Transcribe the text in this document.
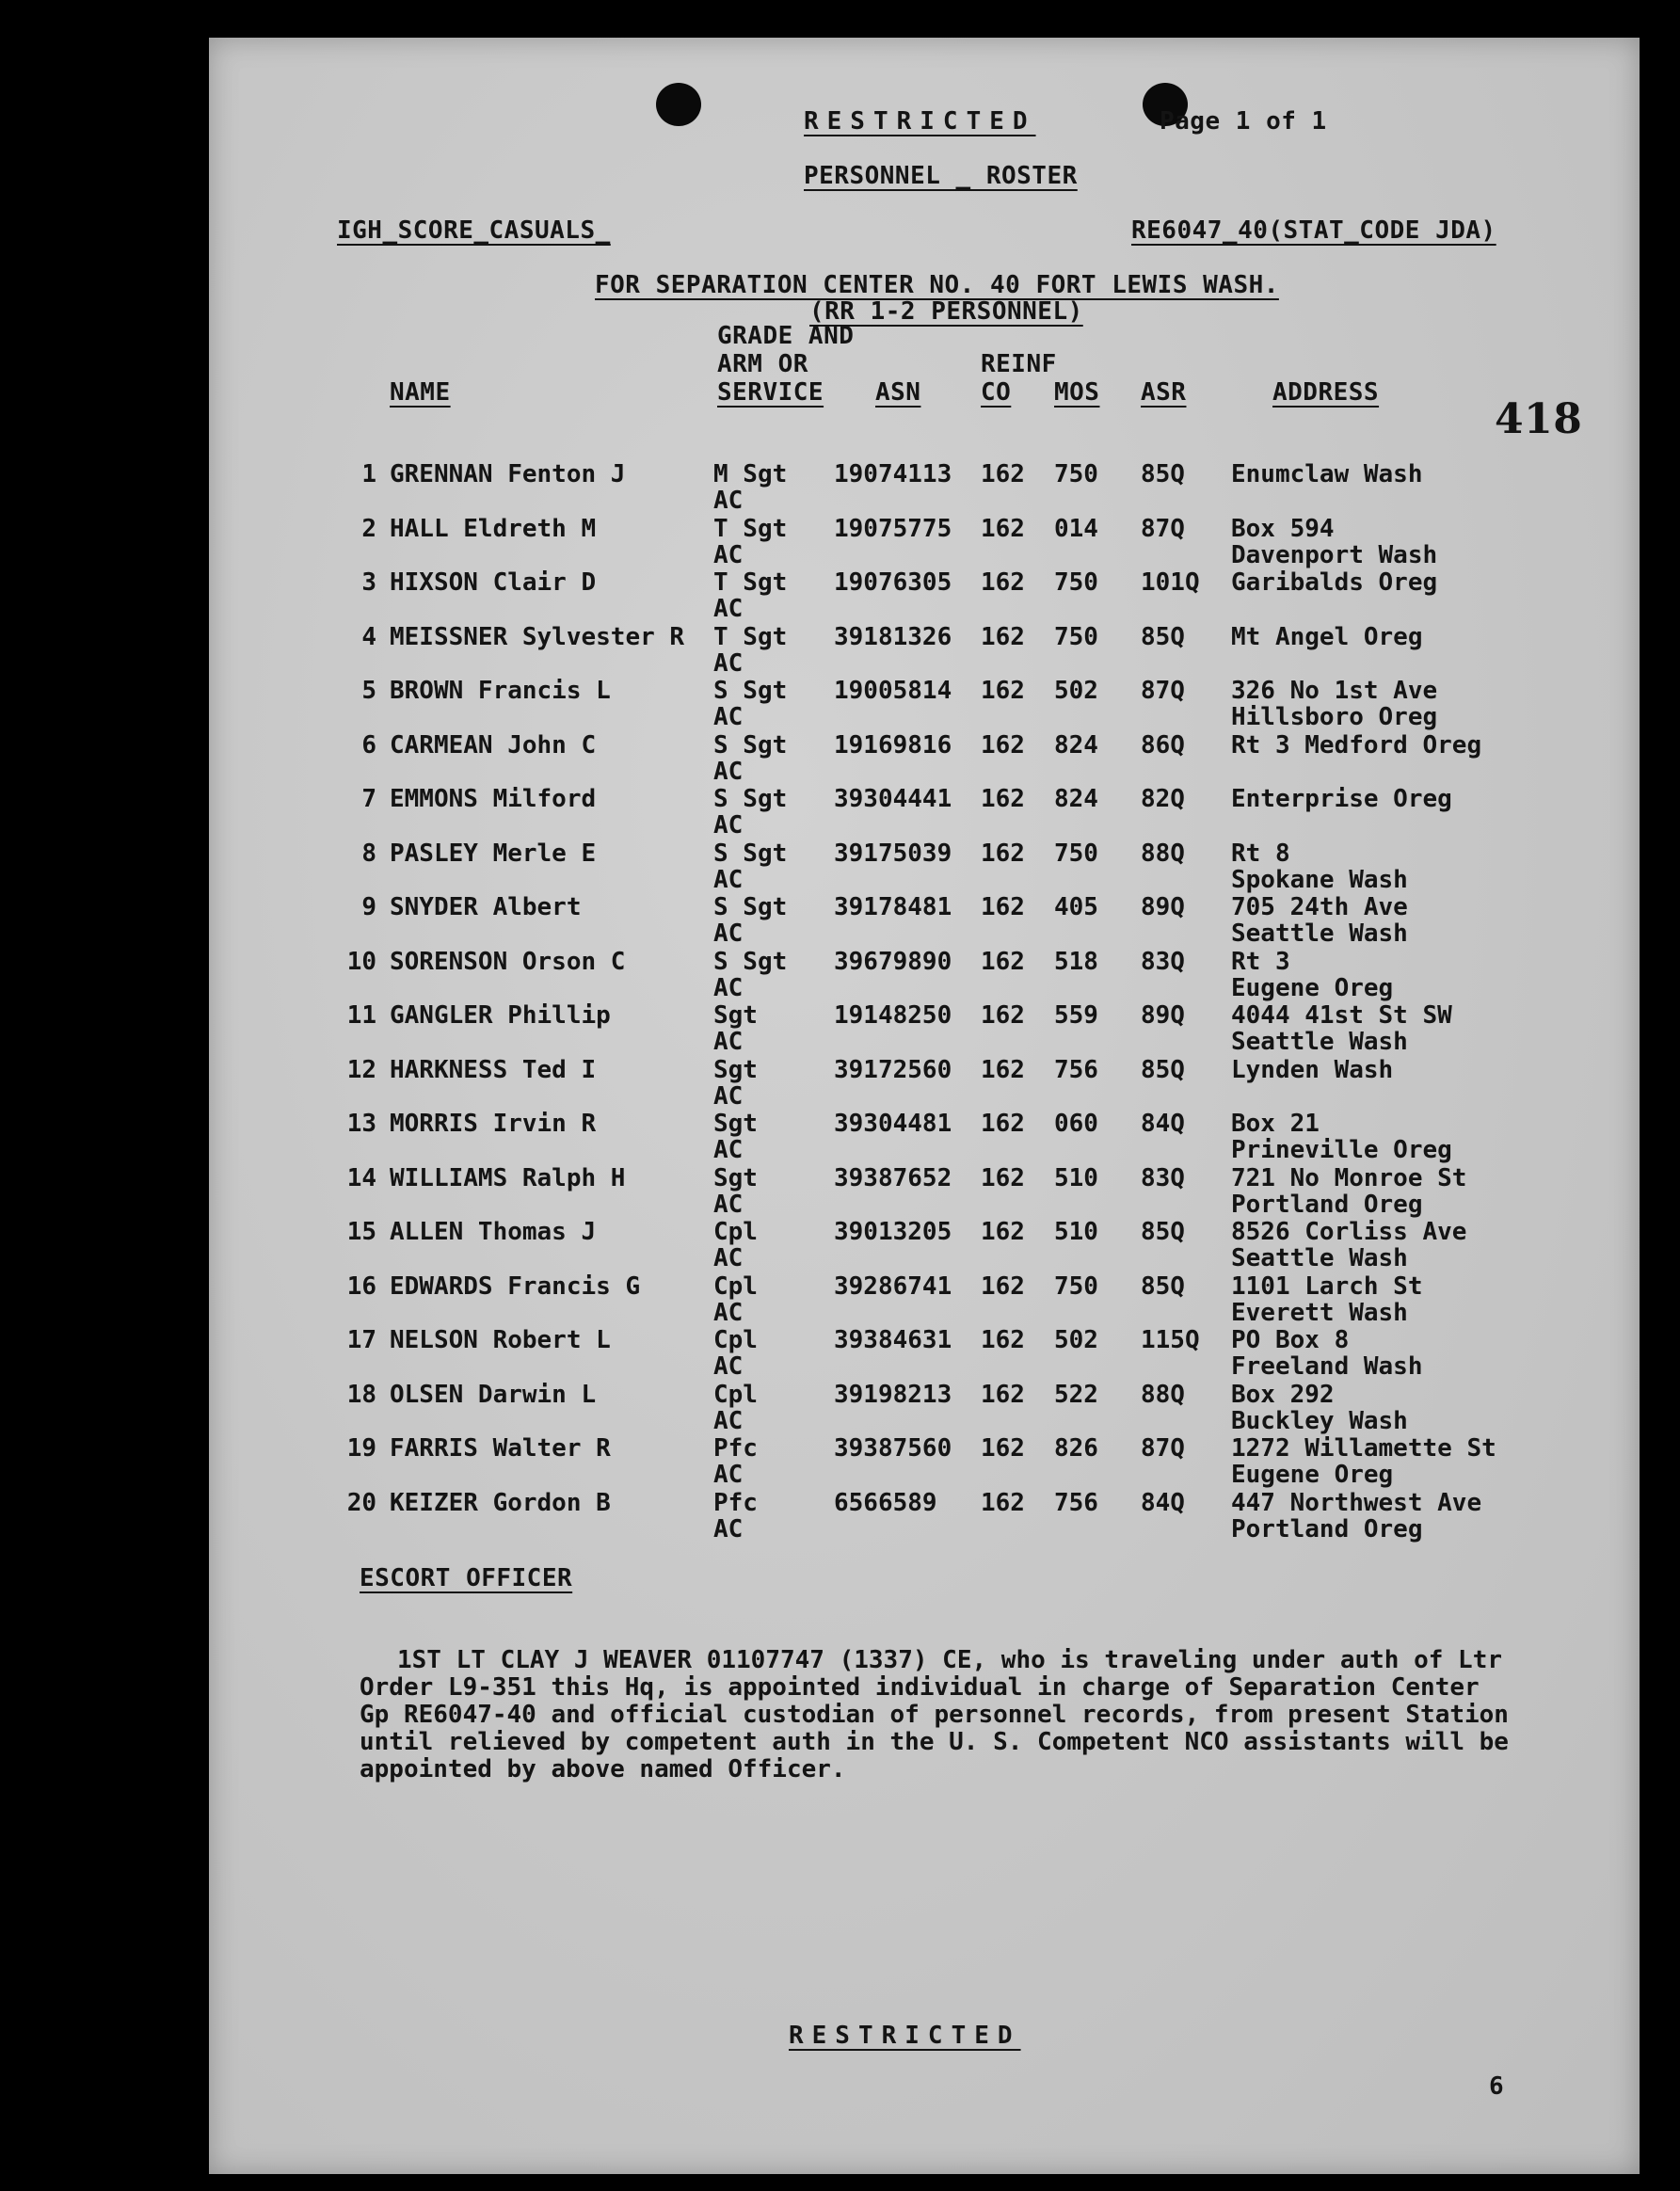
RESTRICTED	Page 1 of 1
PERSONNEL _ ROSTER
IGH_SCORE_CASUALS_	RE6047_40(STAT_CODE JDA)
FOR SEPARATION CENTER NO. 40 FORT LEWIS WASH.
(RR 1-2 PERSONNEL)
418
GRADE AND
ARM OR
SERVICE
REINF
NAME	ASN CO MOS ASR	ADDRESS
1 GRENNAN Fenton J	M Sgt 19074113 162 750 85Q Enumclaw Wash
AC
2 HALL Eldreth M	T Sgt 19075775 162 014 87Q Box 594
AC	Davenport Wash
3 HIXSON Clair D	T Sgt 19076305 162 750 101Q Garibalds Oreg
AC
4 MEISSNER Sylvester R T Sgt 39181326 162 750 85Q Mt Angel Oreg
AC
5 BROWN Francis L	S Sgt 19005814 162 502 87Q 326 No 1st Ave
AC	Hillsboro Oreg
6 CARMEAN John C	S Sgt 19169816 162 824 86Q Rt 3 Medford Oreg
AC
7 EMMONS Milford	S Sgt 39304441 162 824 82Q Enterprise Oreg
AC
8 PASLEY Merle E	S Sgt 39175039 162 750 88Q Rt 8
AC	Spokane Wash
9 SNYDER Albert	S Sgt 39178481 162 405 89Q 705 24th Ave
AC	Seattle Wash
10 SORENSON Orson C	S Sgt 39679890 162 518 83Q Rt 3
AC	Eugene Oreg
11 GANGLER Phillip	Sgt	19148250 162 559 89Q 4044 41st St SW
AC	Seattle Wash
12 HARKNESS Ted I	Sgt	39172560 162 756 85Q Lynden Wash
AC
13 MORRIS Irvin R	Sgt	39304481 162 060 84Q Box 21
AC	Prineville Oreg
14 WILLIAMS Ralph H	Sgt	39387652 162 510 83Q 721 No Monroe St
AC	Portland Oreg
15 ALLEN Thomas J	Cpl	39013205 162 510 85Q 8526 Corliss Ave
AC	Seattle Wash
16 EDWARDS Francis G	Cpl	39286741 162 750 85Q 1101 Larch St
AC	Everett Wash
17 NELSON Robert L	Cpl	39384631 162 502 115Q PO Box 8
AC	Freeland Wash
18 OLSEN Darwin L	Cpl	39198213 162 522 88Q Box 292
AC	Buckley Wash
19 FARRIS Walter R	Pfc	39387560 162 826 87Q 1272 Willamette St
AC	Eugene Oreg
20 KEIZER Gordon B	Pfc	6566589 162 756 84Q 447 Northwest Ave
AC	Portland Oreg
ESCORT OFFICER
1ST LT CLAY J WEAVER 01107747 (1337) CE, who is traveling under auth of Ltr
Order L9-351 this Hq, is appointed individual in charge of Separation Center
Gp RE6047-40 and official custodian of personnel records, from present Station
until relieved by competent auth in the U. S. Competent NCO assistants will be
appointed by above named Officer.
RESTRICTED
6
